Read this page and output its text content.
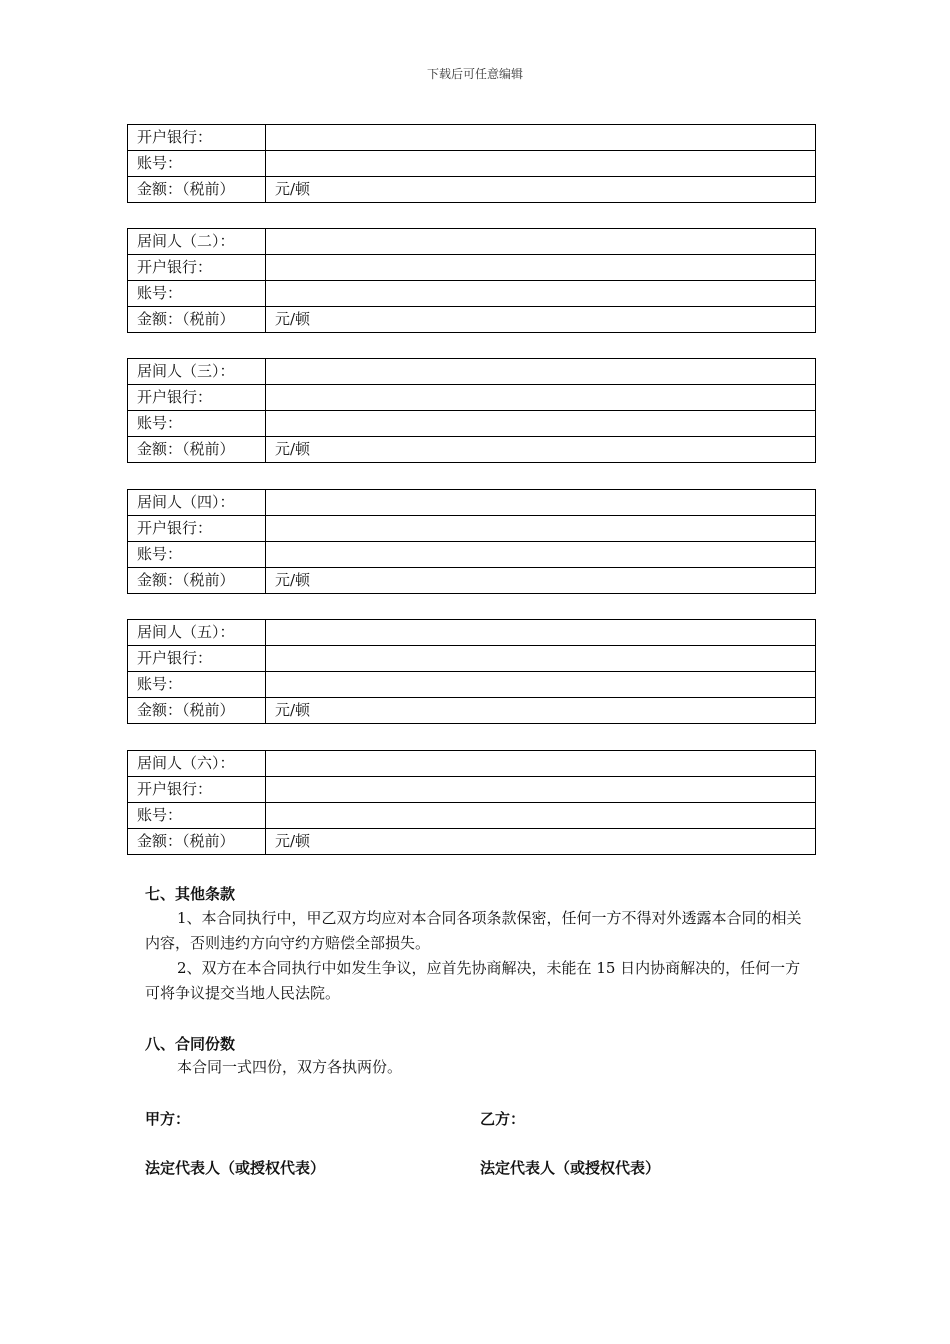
下载后可任意编辑
开户银行：	
账号：	
金额：（税前）	元/顿
居间人（二）：	
开户银行：	
账号：	
金额：（税前）	元/顿
居间人（三）：	
开户银行：	
账号：	
金额：（税前）	元/顿
居间人（四）：	
开户银行：	
账号：	
金额：（税前）	元/顿
居间人（五）：	
开户银行：	
账号：	
金额：（税前）	元/顿
居间人（六）：	
开户银行：	
账号：	
金额：（税前）	元/顿
七、其他条款

1、本合同执行中，甲乙双方均应对本合同各项条款保密，任何一方不得对外透露本合同的相关内容，否则违约方向守约方赔偿全部损失。

2、双方在本合同执行中如发生争议，应首先协商解决，未能在 15 日内协商解决的，任何一方可将争议提交当地人民法院。

八、合同份数

本合同一式四份，双方各执两份。

甲方：	乙方：
法定代表人（或授权代表）	法定代表人（或授权代表）
